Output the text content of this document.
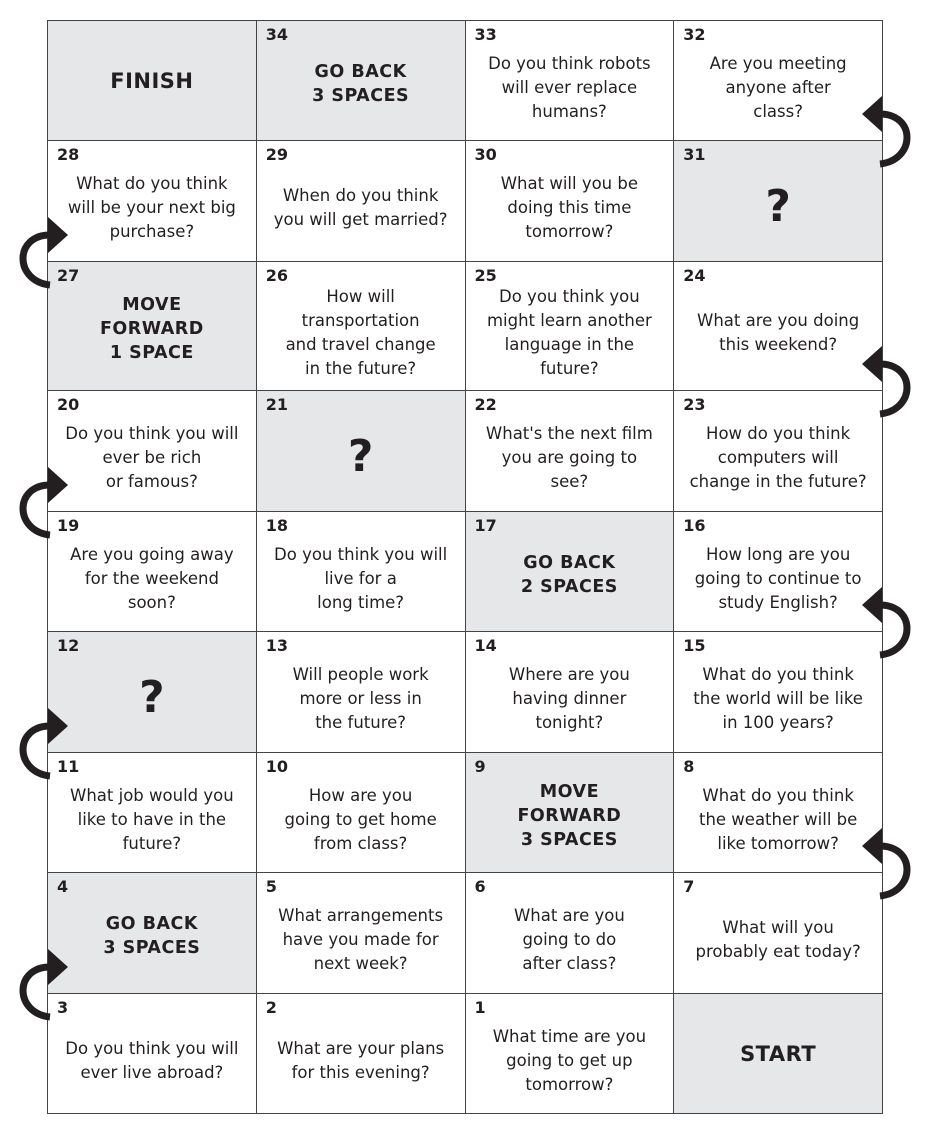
FINISH
34
GO BACK
3 SPACES
33
Do you think robots
will ever replace
humans?
32
Are you meeting
anyone after
class?
28
What do you think
will be your next big
purchase?
29
When do you think
you will get married?
30
What will you be
doing this time
tomorrow?
31
?
27
MOVE
FORWARD
1 SPACE
26
How will
transportation
and travel change
in the future?
25
Do you think you
might learn another
language in the
future?
24
What are you doing
this weekend?
20
Do you think you will
ever be rich
or famous?
21
?
22
What's the next film
you are going to
see?
23
How do you think
computers will
change in the future?
19
Are you going away
for the weekend
soon?
18
Do you think you will
live for a
long time?
17
GO BACK
2 SPACES
16
How long are you
going to continue to
study English?
12
?
13
Will people work
more or less in
the future?
14
Where are you
having dinner
tonight?
15
What do you think
the world will be like
in 100 years?
11
What job would you
like to have in the
future?
10
How are you
going to get home
from class?
9
MOVE
FORWARD
3 SPACES
8
What do you think
the weather will be
like tomorrow?
4
GO BACK
3 SPACES
5
What arrangements
have you made for
next week?
6
What are you
going to do
after class?
7
What will you
probably eat today?
3
Do you think you will
ever live abroad?
2
What are your plans
for this evening?
1
What time are you
going to get up
tomorrow?
START
